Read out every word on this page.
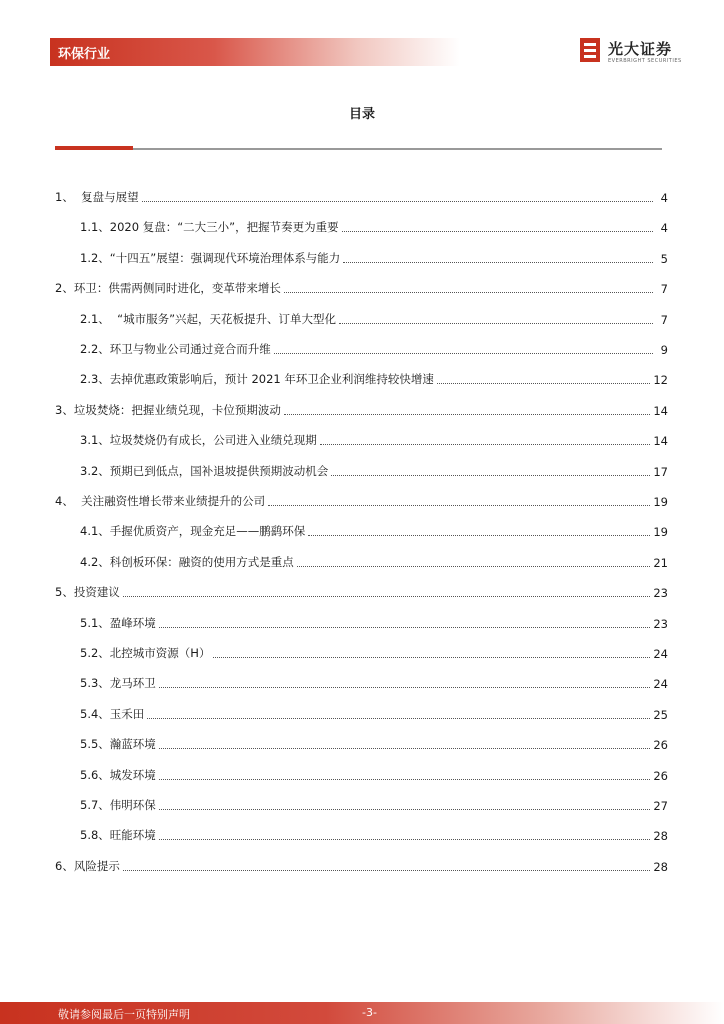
环保行业	光大证券
EVERBRIGHT SECURITIES
目录
1、 复盘与展望	4
1.1、 2020 复盘：“二大三小”，把握节奏更为重要	4
1.2、 “十四五”展望：强调现代环境治理体系与能力	5
2、 环卫：供需两侧同时进化，变革带来增长	7
2.1、 “城市服务”兴起，天花板提升、订单大型化	7
2.2、 环卫与物业公司通过竞合而升维	9
2.3、 去掉优惠政策影响后，预计 2021 年环卫企业利润维持较快增速	12
3、 垃圾焚烧：把握业绩兑现，卡位预期波动	14
3.1、 垃圾焚烧仍有成长，公司进入业绩兑现期	14
3.2、 预期已到低点，国补退坡提供预期波动机会	17
4、 关注融资性增长带来业绩提升的公司	19
4.1、 手握优质资产，现金充足——鹏鹞环保	19
4.2、 科创板环保：融资的使用方式是重点	21
5、 投资建议	23
5.1、 盈峰环境	23
5.2、 北控城市资源（H）	24
5.3、 龙马环卫	24
5.4、 玉禾田	25
5.5、 瀚蓝环境	26
5.6、 城发环境	26
5.7、 伟明环保	27
5.8、 旺能环境	28
6、 风险提示	28
敬请参阅最后一页特别声明	-3-
